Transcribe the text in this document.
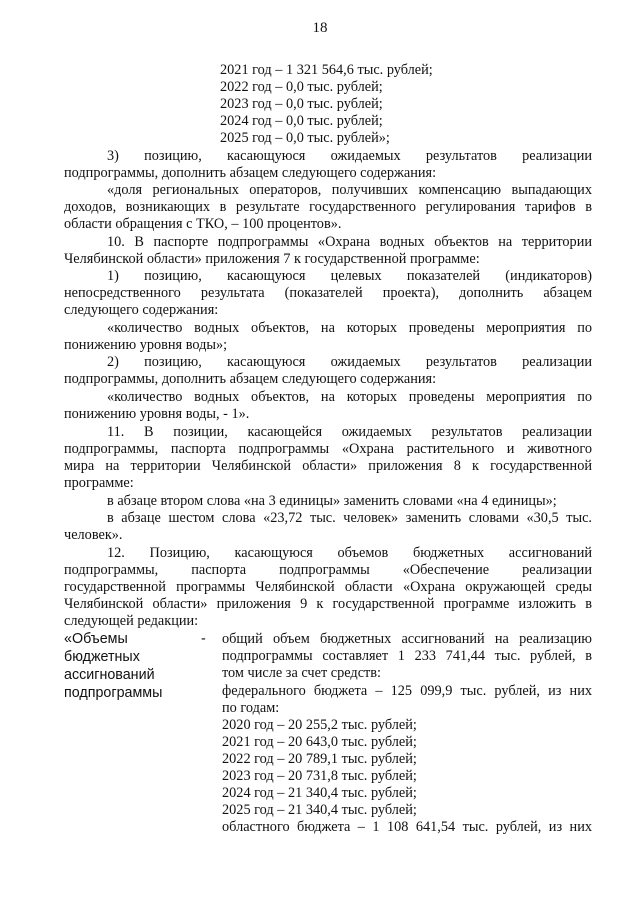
18
2021 год – 1 321 564,6 тыс. рублей;
2022 год – 0,0 тыс. рублей;
2023 год – 0,0 тыс. рублей;
2024 год – 0,0 тыс. рублей;
2025 год – 0,0 тыс. рублей»;
3) позицию, касающуюся ожидаемых результатов реализации
подпрограммы, дополнить абзацем следующего содержания:
«доля региональных операторов, получивших компенсацию выпадающих
доходов, возникающих в результате государственного регулирования тарифов в
области обращения с ТКО, – 100 процентов».
10. В паспорте подпрограммы «Охрана водных объектов на территории
Челябинской области» приложения 7 к государственной программе:
1) позицию, касающуюся целевых показателей (индикаторов)
непосредственного результата (показателей проекта), дополнить абзацем
следующего содержания:
«количество водных объектов, на которых проведены мероприятия по
понижению уровня воды»;
2) позицию, касающуюся ожидаемых результатов реализации
подпрограммы, дополнить абзацем следующего содержания:
«количество водных объектов, на которых проведены мероприятия по
понижению уровня воды, - 1».
11. В позиции, касающейся ожидаемых результатов реализации
подпрограммы, паспорта подпрограммы «Охрана растительного и животного
мира на территории Челябинской области» приложения 8 к государственной
программе:
в абзаце втором слова «на 3 единицы» заменить словами «на 4 единицы»;
в абзаце шестом слова «23,72 тыс. человек» заменить словами «30,5 тыс.
человек».
12. Позицию, касающуюся объемов бюджетных ассигнований
подпрограммы, паспорта подпрограммы «Обеспечение реализации
государственной программы Челябинской области «Охрана окружающей среды
Челябинской области» приложения 9 к государственной программе изложить в
следующей редакции:
«Объемы
бюджетных
ассигнований
подпрограммы
- общий объем бюджетных ассигнований на реализацию
подпрограммы составляет 1 233 741,44 тыс. рублей, в
том числе за счет средств:
федерального бюджета – 125 099,9 тыс. рублей, из них
по годам:
2020 год – 20 255,2 тыс. рублей;
2021 год – 20 643,0 тыс. рублей;
2022 год – 20 789,1 тыс. рублей;
2023 год – 20 731,8 тыс. рублей;
2024 год – 21 340,4 тыс. рублей;
2025 год – 21 340,4 тыс. рублей;
областного бюджета – 1 108 641,54 тыс. рублей, из них
